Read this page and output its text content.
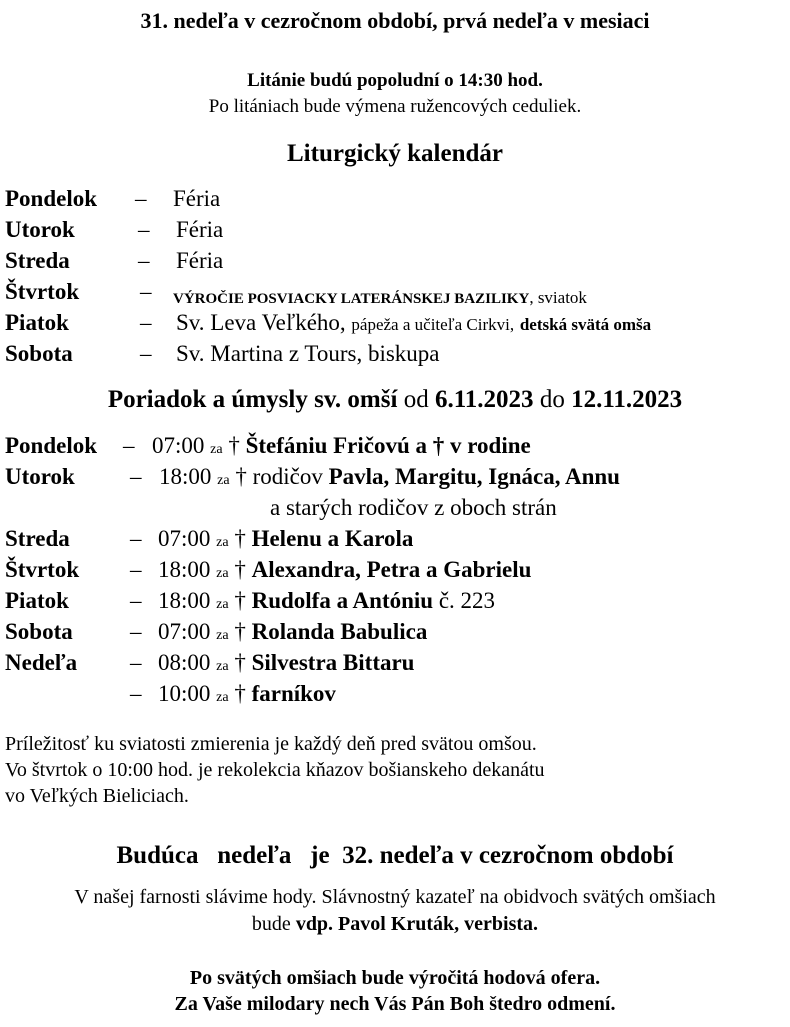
31. nedeľa v cezročnom období, prvá nedeľa v mesiaci
Litánie budú popoludní o 14:30 hod.
Po litániach bude výmena ružencových ceduliek.
Liturgický kalendár
Pondelok – Féria
Utorok	– Féria
Streda	– Féria
Štvrtok	– VÝROČIE POSVIACKY LATERÁNSKEJ BAZILIKY, sviatok
Piatok	– Sv. Leva Veľkého, pápeža a učiteľa Cirkvi, detská svätá omša
Sobota	– Sv. Martina z Tours, biskupa
Poriadok a úmysly sv. omší od 6.11.2023 do 12.11.2023
Pondelok – 07:00 za † Štefániu Fričovú a † v rodine
Utorok – 18:00 za † rodičov Pavla, Margitu, Ignáca, Annu
a starých rodičov z oboch strán
Streda	– 07:00 za † Helenu a Karola
Štvrtok – 18:00 za † Alexandra, Petra a Gabrielu
Piatok	– 18:00 za † Rudolfa a Antóniu č. 223
Sobota – 07:00 za † Rolanda Babulica
Nedeľa – 08:00 za † Silvestra Bittaru
– 10:00 za † farníkov
Príležitosť ku sviatosti zmierenia je každý deň pred svätou omšou.
Vo štvrtok o 10:00 hod. je rekolekcia kňazov bošianskeho dekanátu
vo Veľkých Bieliciach.
Budúca   nedeľa   je  32. nedeľa v cezročnom období
V našej farnosti slávime hody. Slávnostný kazateľ na obidvoch svätých omšiach
bude vdp. Pavol Kruták, verbista.
Po svätých omšiach bude výročitá hodová ofera.
Za Vaše milodary nech Vás Pán Boh štedro odmení.
